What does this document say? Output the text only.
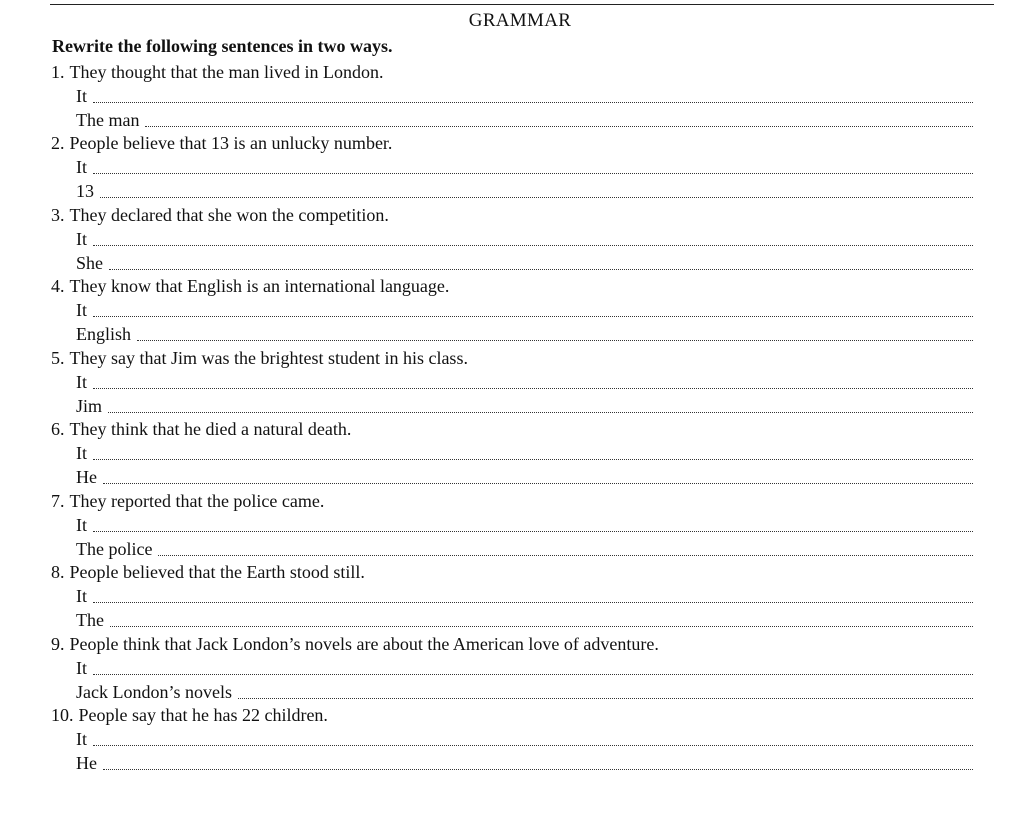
GRAMMAR
Rewrite the following sentences in two ways.
1. They thought that the man lived in London.
It
The man
2. People believe that 13 is an unlucky number.
It
13
3. They declared that she won the competition.
It
She
4. They know that English is an international language.
It
English
5. They say that Jim was the brightest student in his class.
It
Jim
6. They think that he died a natural death.
It
He
7. They reported that the police came.
It
The police
8. People believed that the Earth stood still.
It
The
9. People think that Jack London’s novels are about the American love of adventure.
It
Jack London’s novels
10. People say that he has 22 children.
It
He
